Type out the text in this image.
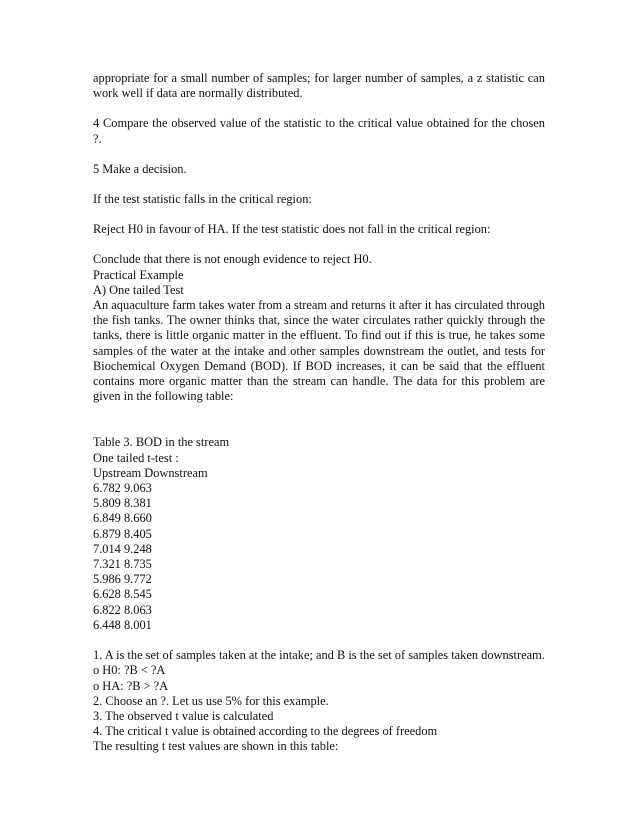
appropriate for a small number of samples; for larger number of samples, a z statistic can work well if data are normally distributed.

4 Compare the observed value of the statistic to the critical value obtained for the chosen ?.

5 Make a decision.

If the test statistic falls in the critical region:

Reject H0 in favour of HA. If the test statistic does not fall in the critical region:

Conclude that there is not enough evidence to reject H0.

Practical Example

A) One tailed Test

An aquaculture farm takes water from a stream and returns it after it has circulated through the fish tanks. The owner thinks that, since the water circulates rather quickly through the tanks, there is little organic matter in the effluent. To find out if this is true, he takes some samples of the water at the intake and other samples downstream the outlet, and tests for Biochemical Oxygen Demand (BOD). If BOD increases, it can be said that the effluent contains more organic matter than the stream can handle. The data for this problem are given in the following table:

Table 3. BOD in the stream
One tailed t-test :
Upstream Downstream
6.782 9.063
5.809 8.381
6.849 8.660
6.879 8.405
7.014 9.248
7.321 8.735
5.986 9.772
6.628 8.545
6.822 8.063
6.448 8.001

1. A is the set of samples taken at the intake; and B is the set of samples taken downstream.

o H0: ?B < ?A
o HA: ?B > ?A
2. Choose an ?. Let us use 5% for this example.
3. The observed t value is calculated
4. The critical t value is obtained according to the degrees of freedom
The resulting t test values are shown in this table:
